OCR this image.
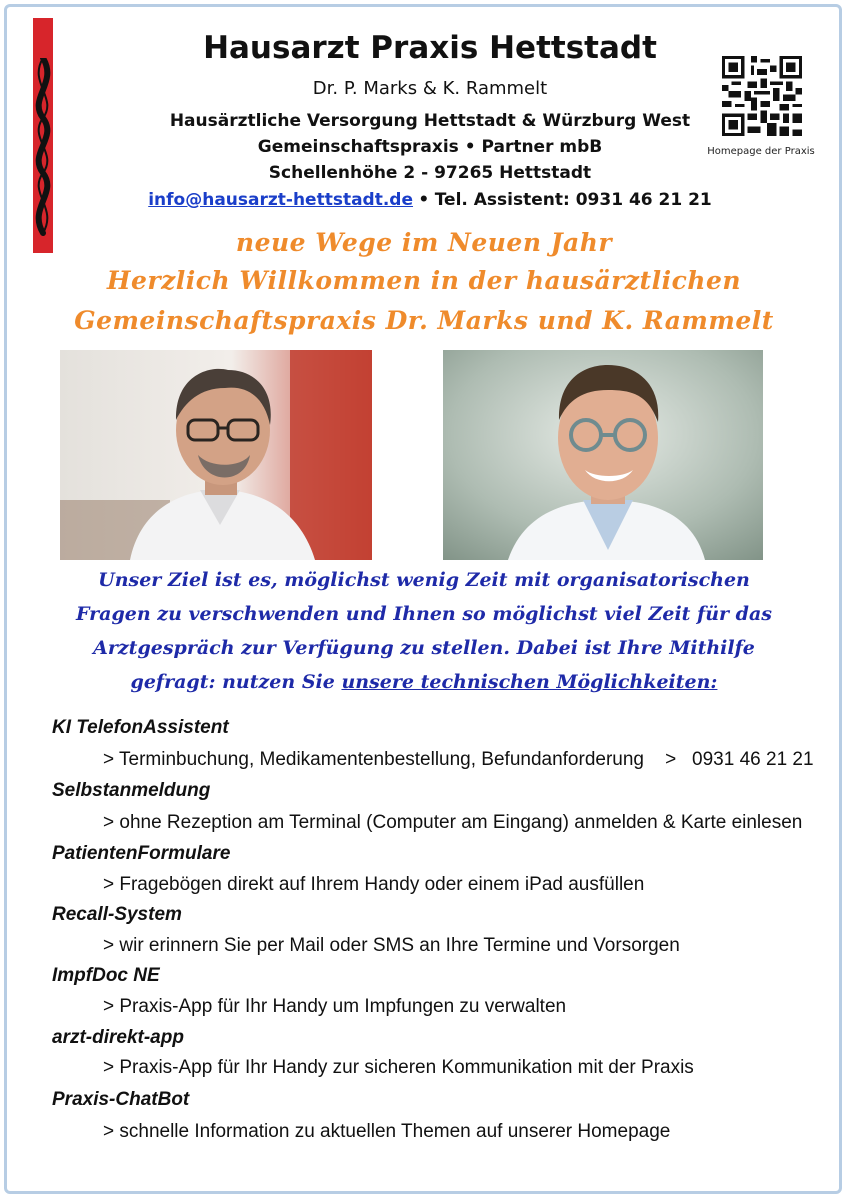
Hausarzt Praxis Hettstadt
Dr. P. Marks & K. Rammelt
Hausärztliche Versorgung Hettstadt & Würzburg West
Gemeinschaftspraxis • Partner mbB
Schellenhöhe 2 - 97265 Hettstadt
info@hausarzt-hettstadt.de • Tel. Assistent: 0931 46 21 21
Homepage der Praxis
neue Wege im Neuen Jahr
Herzlich Willkommen in der hausärztlichen
Gemeinschaftspraxis Dr. Marks und K. Rammelt
Unser Ziel ist es, möglichst wenig Zeit mit organisatorischen
Fragen zu verschwenden und Ihnen so möglichst viel Zeit für das
Arztgespräch zur Verfügung zu stellen. Dabei ist Ihre Mithilfe
gefragt: nutzen Sie unsere technischen Möglichkeiten:
KI TelefonAssistent
> Terminbuchung, Medikamentenbestellung, Befundanforderung    >   0931 46 21 21
Selbstanmeldung
> ohne Rezeption am Terminal (Computer am Eingang) anmelden & Karte einlesen
PatientenFormulare
> Fragebögen direkt auf Ihrem Handy oder einem iPad ausfüllen
Recall-System
> wir erinnern Sie per Mail oder SMS an Ihre Termine und Vorsorgen
ImpfDoc NE
> Praxis-App für Ihr Handy um Impfungen zu verwalten
arzt-direkt-app
> Praxis-App für Ihr Handy zur sicheren Kommunikation mit der Praxis
Praxis-ChatBot
> schnelle Information zu aktuellen Themen auf unserer Homepage
